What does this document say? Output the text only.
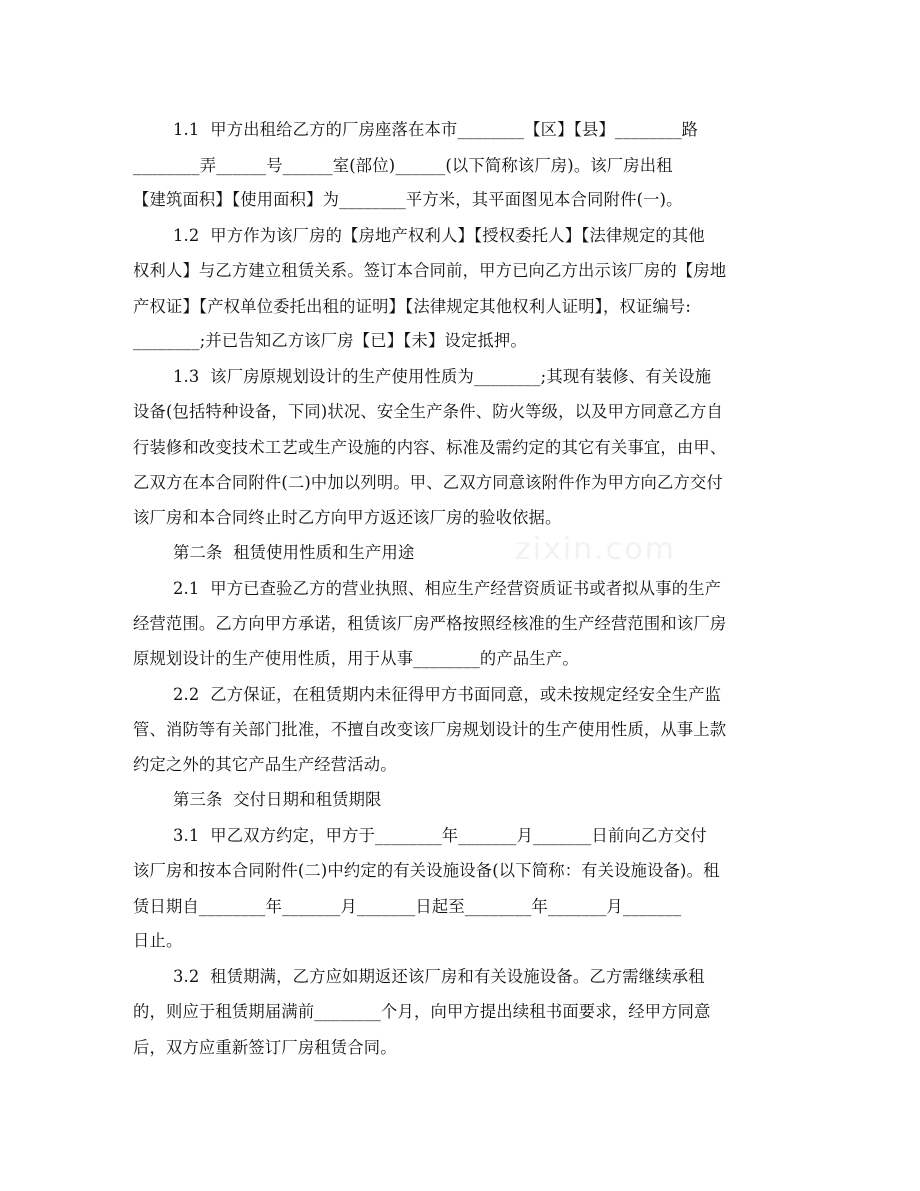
1.1  甲方出租给乙方的厂房座落在本市________【区】【县】________路
________弄______号______室(部位)______(以下简称该厂房)。该厂房出租
【建筑面积】【使用面积】为________平方米，其平面图见本合同附件(一)。
1.2  甲方作为该厂房的【房地产权利人】【授权委托人】【法律规定的其他
权利人】与乙方建立租赁关系。签订本合同前，甲方已向乙方出示该厂房的【房地
产权证】【产权单位委托出租的证明】【法律规定其他权利人证明】，权证编号:
________;并已告知乙方该厂房【已】【未】设定抵押。
1.3  该厂房原规划设计的生产使用性质为________;其现有装修、有关设施
设备(包括特种设备，下同)状况、安全生产条件、防火等级，以及甲方同意乙方自
行装修和改变技术工艺或生产设施的内容、标准及需约定的其它有关事宜，由甲、
乙双方在本合同附件(二)中加以列明。甲、乙双方同意该附件作为甲方向乙方交付
该厂房和本合同终止时乙方向甲方返还该厂房的验收依据。
第二条  租赁使用性质和生产用途
2.1  甲方已查验乙方的营业执照、相应生产经营资质证书或者拟从事的生产
经营范围。乙方向甲方承诺，租赁该厂房严格按照经核准的生产经营范围和该厂房
原规划设计的生产使用性质，用于从事________的产品生产。
2.2  乙方保证，在租赁期内未征得甲方书面同意，或未按规定经安全生产监
管、消防等有关部门批准，不擅自改变该厂房规划设计的生产使用性质，从事上款
约定之外的其它产品生产经营活动。
第三条  交付日期和租赁期限
3.1  甲乙双方约定，甲方于________年_______月_______日前向乙方交付
该厂房和按本合同附件(二)中约定的有关设施设备(以下简称：有关设施设备)。租
赁日期自________年_______月_______日起至________年_______月_______
日止。
3.2  租赁期满，乙方应如期返还该厂房和有关设施设备。乙方需继续承租
的，则应于租赁期届满前________个月，向甲方提出续租书面要求，经甲方同意
后，双方应重新签订厂房租赁合同。
zixin.com
